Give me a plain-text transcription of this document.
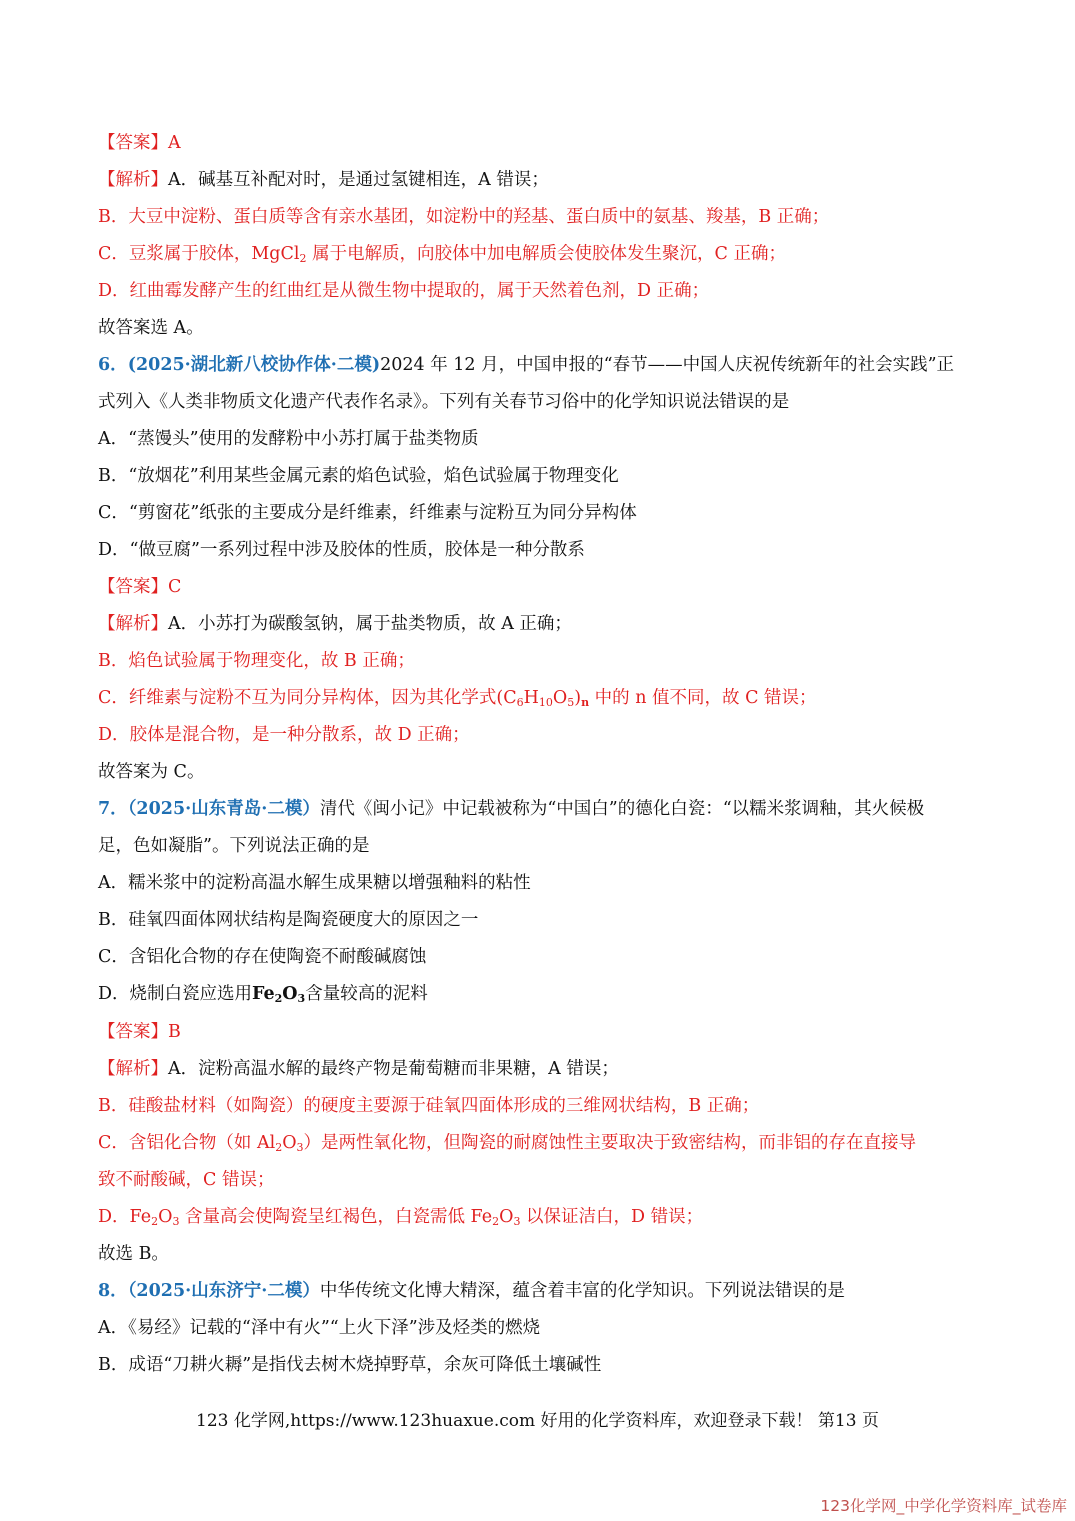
【答案】A
【解析】A．碱基互补配对时，是通过氢键相连，A 错误；
B．大豆中淀粉、蛋白质等含有亲水基团，如淀粉中的羟基、蛋白质中的氨基、羧基，B 正确；
C．豆浆属于胶体，MgCl$_2$ 属于电解质，向胶体中加电解质会使胶体发生聚沉，C 正确；
D．红曲霉发酵产生的红曲红是从微生物中提取的，属于天然着色剂，D 正确；
故答案选 A。
6．(2025·湖北新八校协作体·二模)2024 年 12 月，中国申报的“春节——中国人庆祝传统新年的社会实践”正
式列入《人类非物质文化遗产代表作名录》。下列有关春节习俗中的化学知识说法错误的是
A．“蒸馒头”使用的发酵粉中小苏打属于盐类物质
B．“放烟花”利用某些金属元素的焰色试验，焰色试验属于物理变化
C．“剪窗花”纸张的主要成分是纤维素，纤维素与淀粉互为同分异构体
D．“做豆腐”一系列过程中涉及胶体的性质，胶体是一种分散系
【答案】C
【解析】A．小苏打为碳酸氢钠，属于盐类物质，故 A 正确；
B．焰色试验属于物理变化，故 B 正确；
C．纤维素与淀粉不互为同分异构体，因为其化学式$(C_6H_{10}O_5)_n$ 中的 n 值不同，故 C 错误；
D．胶体是混合物，是一种分散系，故 D 正确；
故答案为 C。
7．（2025·山东青岛·二模）清代《闽小记》中记载被称为“中国白”的德化白瓷：“以糯米浆调釉，其火候极
足，色如凝脂”。下列说法正确的是
A．糯米浆中的淀粉高温水解生成果糖以增强釉料的粘性
B．硅氧四面体网状结构是陶瓷硬度大的原因之一
C．含铝化合物的存在使陶瓷不耐酸碱腐蚀
D．烧制白瓷应选用$Fe_2O_3$含量较高的泥料
【答案】B
【解析】A．淀粉高温水解的最终产物是葡萄糖而非果糖，A 错误；
B．硅酸盐材料（如陶瓷）的硬度主要源于硅氧四面体形成的三维网状结构，B 正确；
C．含铝化合物（如 $Al_2O_3$）是两性氧化物，但陶瓷的耐腐蚀性主要取决于致密结构，而非铝的存在直接导
致不耐酸碱，C 错误；
D．$Fe_2O_3$ 含量高会使陶瓷呈红褐色，白瓷需低 $Fe_2O_3$ 以保证洁白，D 错误；
故选 B。
8．（2025·山东济宁·二模）中华传统文化博大精深，蕴含着丰富的化学知识。下列说法错误的是
A．《易经》记载的“泽中有火”“上火下泽”涉及烃类的燃烧
B．成语“刀耕火耨”是指伐去树木烧掉野草，余灰可降低土壤碱性
123 化学网,https://www.123huaxue.com 好用的化学资料库，欢迎登录下载！ 第13 页
123化学网_中学化学资料库_试卷库
